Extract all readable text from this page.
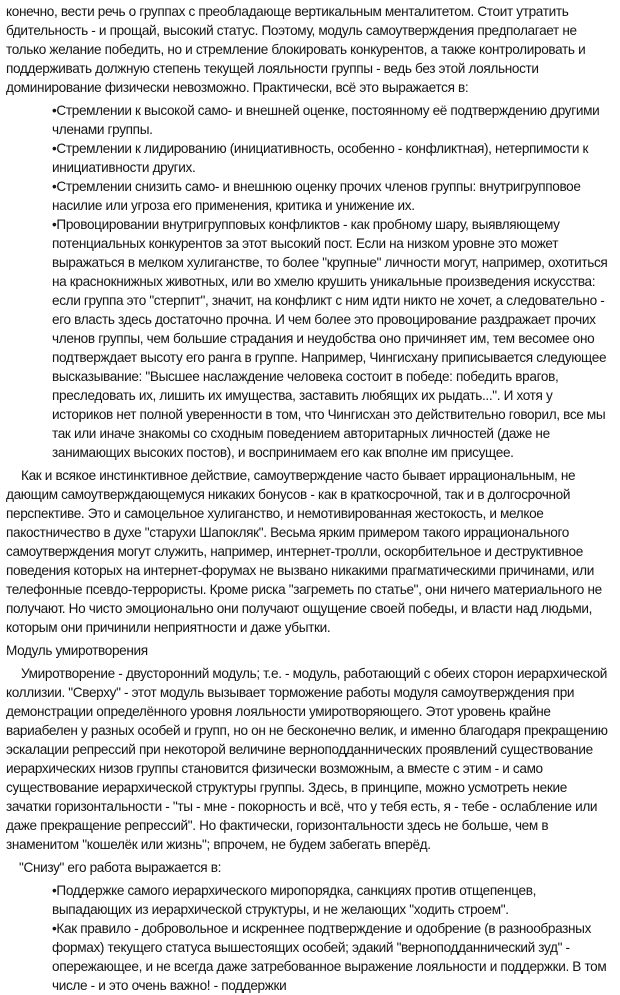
конечно, вести речь о группах с преобладающе вертикальным менталитетом. Стоит утратить бдительность - и прощай, высокий статус. Поэтому, модуль самоутверждения предполагает не только желание победить, но и стремление блокировать конкурентов, а также контролировать и поддерживать должную степень текущей лояльности группы - ведь без этой лояльности доминирование физически невозможно. Практически, всё это выражается в:

•Стремлении к высокой само- и внешней оценке, постоянному её подтверждению другими членами группы.

•Стремлении к лидированию (инициативность, особенно - конфликтная), нетерпимости к инициативности других.

•Стремлении снизить само- и внешнюю оценку прочих членов группы: внутригрупповое насилие или угроза его применения, критика и унижение их.

•Провоцировании внутригрупповых конфликтов - как пробному шару, выявляющему потенциальных конкурентов за этот высокий пост. Если на низком уровне это может выражаться в мелком хулиганстве, то более "крупные" личности могут, например, охотиться на краснокнижных животных, или во хмелю крушить уникальные произведения искусства: если группа это "стерпит", значит, на конфликт с ним идти никто не хочет, а следовательно - его власть здесь достаточно прочна. И чем более это провоцирование раздражает прочих членов группы, чем большие страдания и неудобства оно причиняет им, тем весомее оно подтверждает высоту его ранга в группе. Например, Чингисхану приписывается следующее высказывание: "Высшее наслаждение человека состоит в победе: победить врагов, преследовать их, лишить их имущества, заставить любящих их рыдать...". И хотя у историков нет полной уверенности в том, что Чингисхан это действительно говорил, все мы так или иначе знакомы со сходным поведением авторитарных личностей (даже не занимающих высоких постов), и воспринимаем его как вполне им присущее.

Как и всякое инстинктивное действие, самоутверждение часто бывает иррациональным, не дающим самоутверждающемуся никаких бонусов - как в краткосрочной, так и в долгосрочной перспективе. Это и самоцельное хулиганство, и немотивированная жестокость, и мелкое пакостничество в духе "старухи Шапокляк". Весьма ярким примером такого иррационального самоутверждения могут служить, например, интернет-тролли, оскорбительное и деструктивное поведения которых на интернет-форумах не вызвано никакими прагматическими причинами, или телефонные псевдо-террористы. Кроме риска "загреметь по статье", они ничего материального не получают. Но чисто эмоционально они получают ощущение своей победы, и власти над людьми, которым они причинили неприятности и даже убытки.

Модуль умиротворения

Умиротворение - двусторонний модуль; т.е. - модуль, работающий с обеих сторон иерархической коллизии. "Сверху" - этот модуль вызывает торможение работы модуля самоутверждения при демонстрации определённого уровня лояльности умиротворяющего. Этот уровень крайне вариабелен у разных особей и групп, но он не бесконечно велик, и именно благодаря прекращению эскалации репрессий при некоторой величине верноподданнических проявлений существование иерархических низов группы становится физически возможным, а вместе с этим - и само существование иерархической структуры группы. Здесь, в принципе, можно усмотреть некие зачатки горизонтальности - "ты - мне - покорность и всё, что у тебя есть, я - тебе - ослабление или даже прекращение репрессий". Но фактически, горизонтальности здесь не больше, чем в знаменитом "кошелёк или жизнь"; впрочем, не будем забегать вперёд.

"Снизу" его работа выражается в:

•Поддержке самого иерархического миропорядка, санкциях против отщепенцев, выпадающих из иерархической структуры, и не желающих "ходить строем".

•Как правило - добровольное и искреннее подтверждение и одобрение (в разнообразных формах) текущего статуса вышестоящих особей; эдакий "верноподданнический зуд" - опережающее, и не всегда даже затребованное выражение лояльности и поддержки. В том числе - и это очень важно! - поддержки
